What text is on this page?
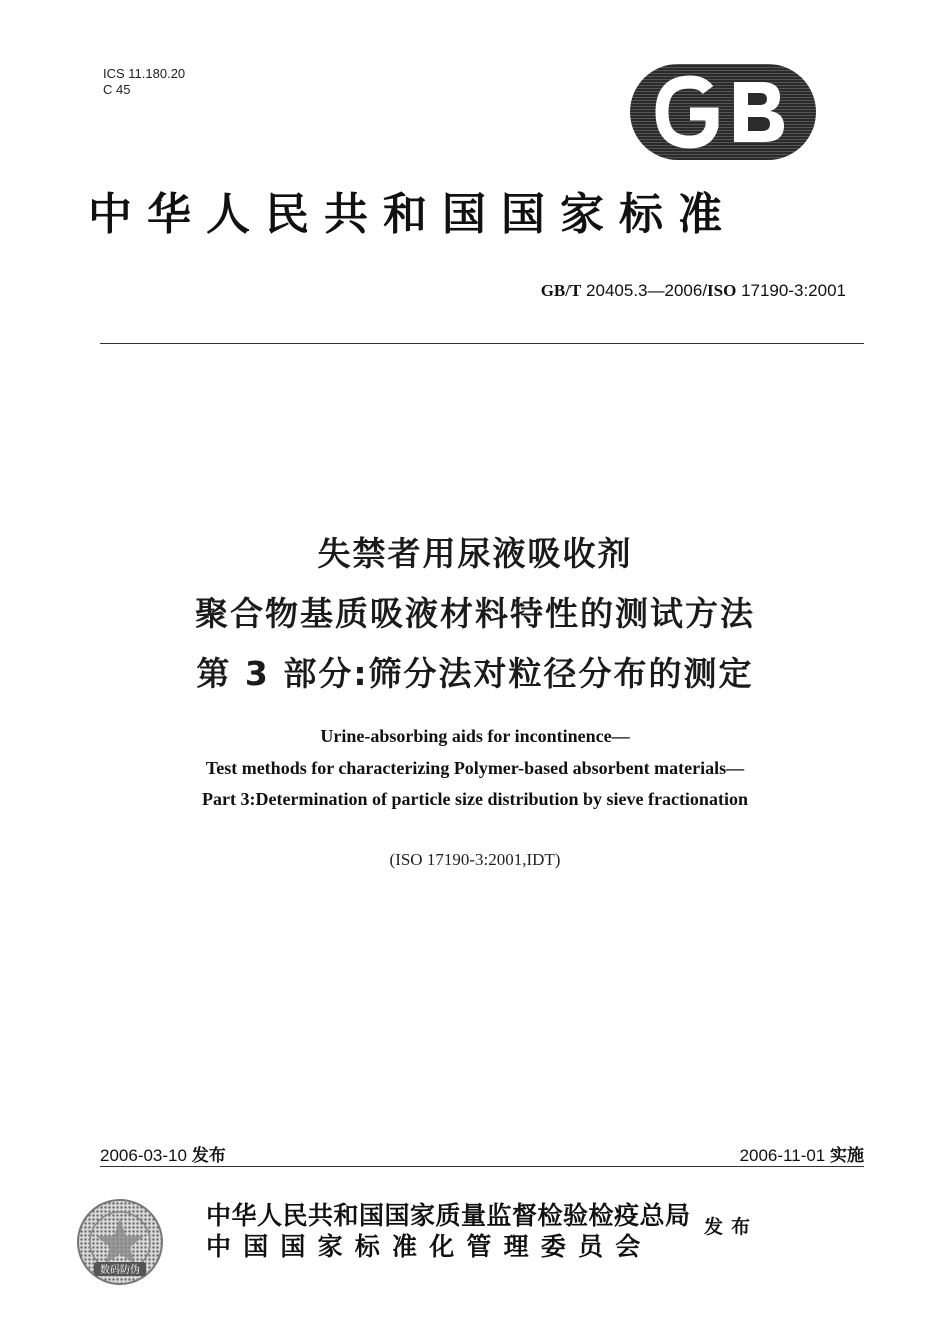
ICS 11.180.20
C 45
中华人民共和国国家标准
GB/T 20405.3—2006/ISO 17190-3:2001
失禁者用尿液吸收剂
聚合物基质吸液材料特性的测试方法
第 3 部分:筛分法对粒径分布的测定
Urine-absorbing aids for incontinence—
Test methods for characterizing Polymer-based absorbent materials—
Part 3:Determination of particle size distribution by sieve fractionation
(ISO 17190-3:2001,IDT)
2006-03-10 发布	2006-11-01 实施
数码防伪
中华人民共和国国家质量监督检验检疫总局
中国国家标准化管理委员会
发布
